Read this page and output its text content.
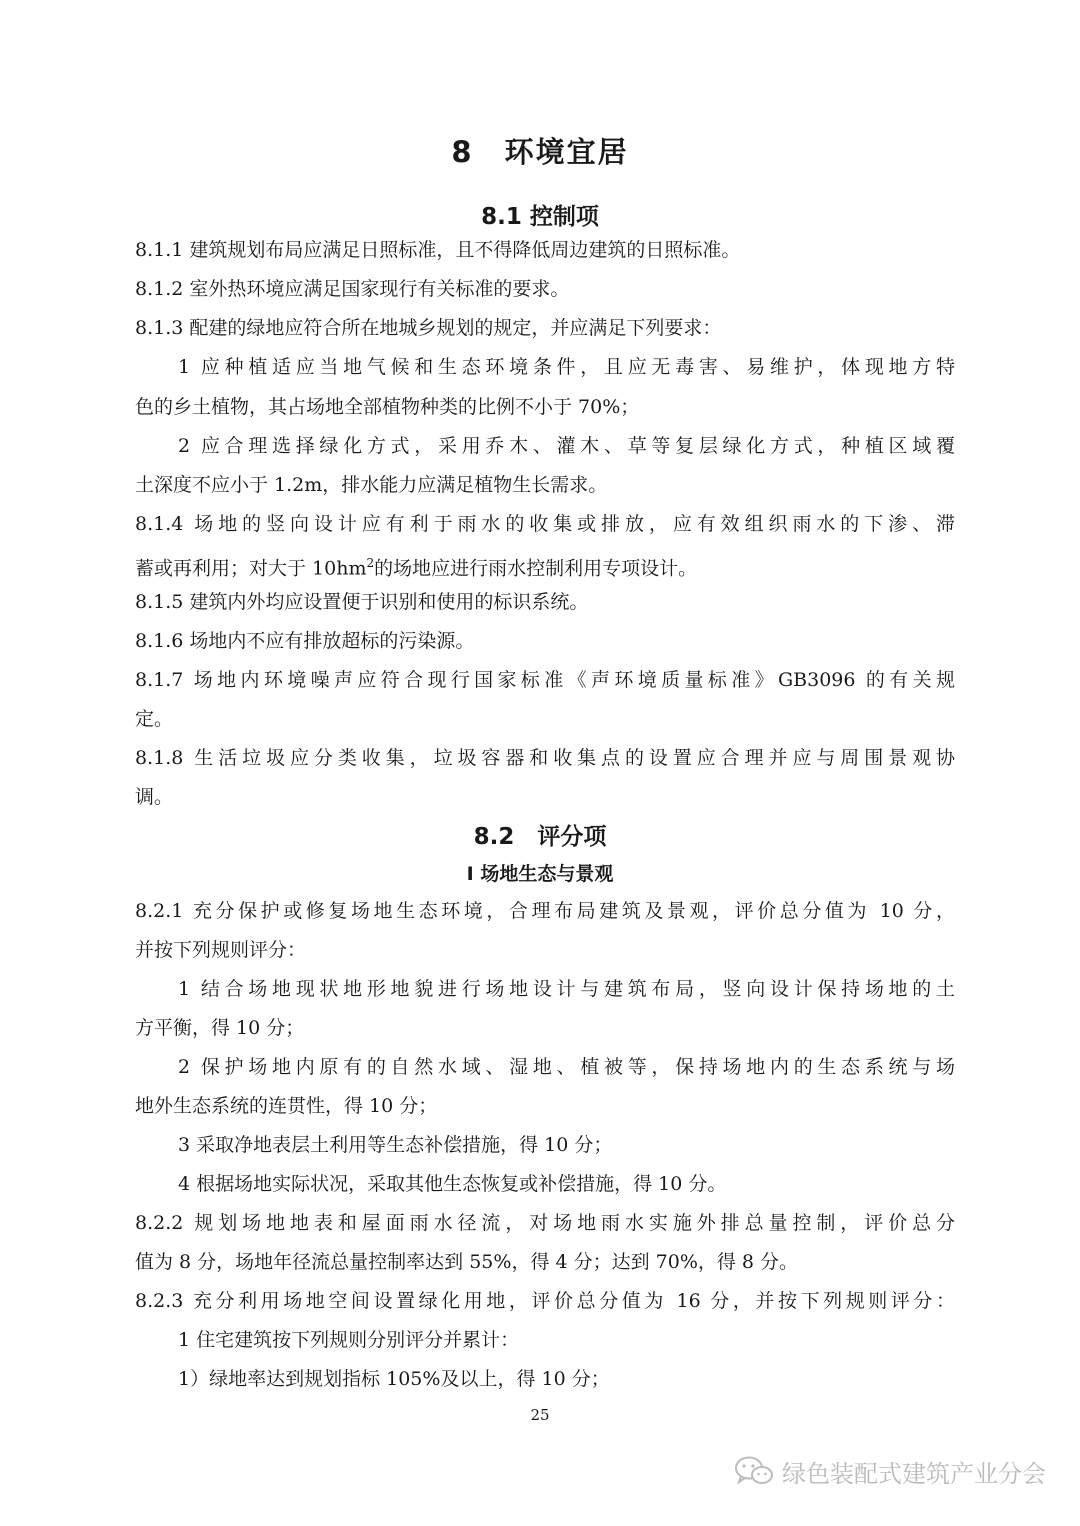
8　环境宜居
8.1 控制项
8.1.1 建筑规划布局应满足日照标准，且不得降低周边建筑的日照标准。
8.1.2 室外热环境应满足国家现行有关标准的要求。
8.1.3 配建的绿地应符合所在地城乡规划的规定，并应满足下列要求：
1 应种植适应当地气候和生态环境条件，且应无毒害、易维护，体现地方特
色的乡土植物，其占场地全部植物种类的比例不小于 70%；
2 应合理选择绿化方式，采用乔木、灌木、草等复层绿化方式，种植区域覆
土深度不应小于 1.2m，排水能力应满足植物生长需求。
8.1.4 场地的竖向设计应有利于雨水的收集或排放，应有效组织雨水的下渗、滞
蓄或再利用；对大于 $10hm^2$的场地应进行雨水控制利用专项设计。
8.1.5 建筑内外均应设置便于识别和使用的标识系统。
8.1.6 场地内不应有排放超标的污染源。
8.1.7 场地内环境噪声应符合现行国家标准《声环境质量标准》GB3096 的有关规
定。
8.1.8 生活垃圾应分类收集，垃圾容器和收集点的设置应合理并应与周围景观协
调。
8.2　评分项
Ⅰ 场地生态与景观
8.2.1 充分保护或修复场地生态环境，合理布局建筑及景观，评价总分值为 10 分，
并按下列规则评分：
1 结合场地现状地形地貌进行场地设计与建筑布局，竖向设计保持场地的土
方平衡，得 10 分；
2 保护场地内原有的自然水域、湿地、植被等，保持场地内的生态系统与场
地外生态系统的连贯性，得 10 分；
3 采取净地表层土利用等生态补偿措施，得 10 分；
4 根据场地实际状况，采取其他生态恢复或补偿措施，得 10 分。
8.2.2 规划场地地表和屋面雨水径流，对场地雨水实施外排总量控制，评价总分
值为 8 分，场地年径流总量控制率达到 55%，得 4 分；达到 70%，得 8 分。
8.2.3 充分利用场地空间设置绿化用地，评价总分值为 16 分，并按下列规则评分：
1 住宅建筑按下列规则分别评分并累计：
1）绿地率达到规划指标 105%及以上，得 10 分；
25
绿色装配式建筑产业分会
